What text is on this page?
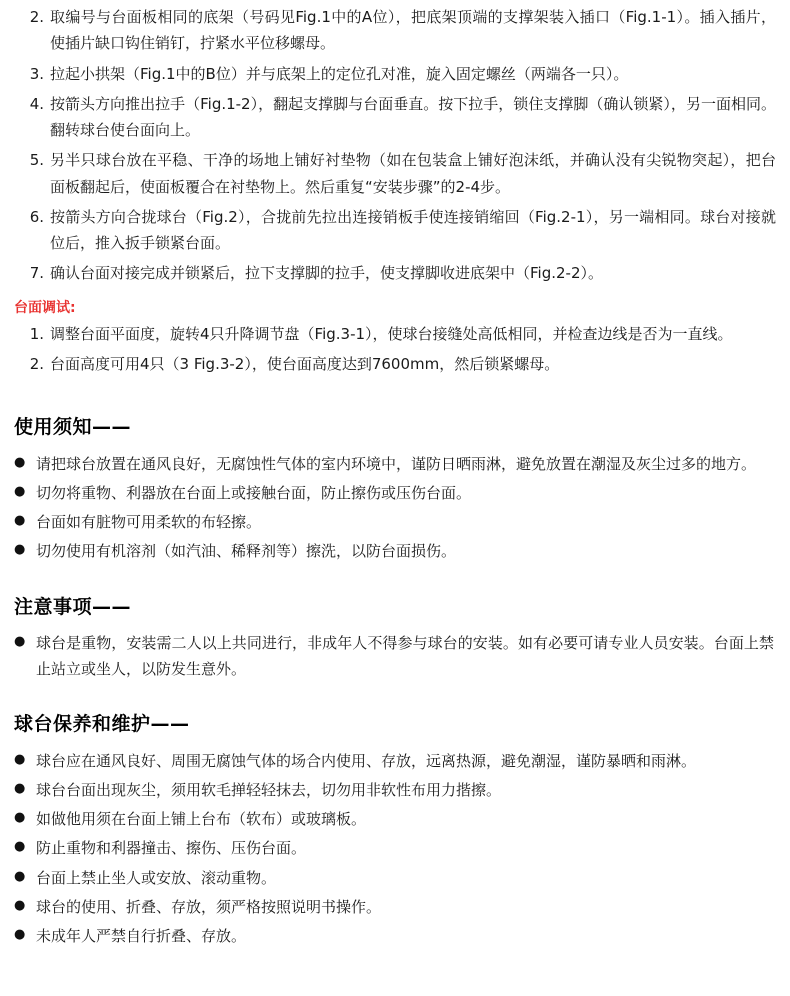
2. 取编号与台面板相同的底架（号码见Fig.1中的A位），把底架顶端的支撑架装入插口（Fig.1-1）。插入插片，使插片缺口钩住销钉，拧紧水平位移螺母。
3. 拉起小拱架（Fig.1中的B位）并与底架上的定位孔对准，旋入固定螺丝（两端各一只）。
4. 按箭头方向推出拉手（Fig.1-2），翻起支撑脚与台面垂直。按下拉手，锁住支撑脚（确认锁紧），另一面相同。翻转球台使台面向上。
5. 另半只球台放在平稳、干净的场地上铺好衬垫物（如在包装盒上铺好泡沫纸，并确认没有尖锐物突起），把台面板翻起后，使面板覆合在衬垫物上。然后重复“安装步骤”的2-4步。
6. 按箭头方向合拢球台（Fig.2），合拢前先拉出连接销板手使连接销缩回（Fig.2-1），另一端相同。球台对接就位后，推入扳手锁紧台面。
7. 确认台面对接完成并锁紧后，拉下支撑脚的拉手，使支撑脚收进底架中（Fig.2-2）。
台面调试:
1. 调整台面平面度，旋转4只升降调节盘（Fig.3-1），使球台接缝处高低相同，并检查边线是否为一直线。
2. 台面高度可用4只（3 Fig.3-2），使台面高度达到7600mm，然后锁紧螺母。
使用须知——
● 请把球台放置在通风良好，无腐蚀性气体的室内环境中，谨防日晒雨淋，避免放置在潮湿及灰尘过多的地方。
● 切勿将重物、利器放在台面上或接触台面，防止擦伤或压伤台面。
● 台面如有脏物可用柔软的布轻擦。
● 切勿使用有机溶剂（如汽油、稀释剂等）擦洗，以防台面损伤。
注意事项——
● 球台是重物，安装需二人以上共同进行，非成年人不得参与球台的安装。如有必要可请专业人员安装。台面上禁止站立或坐人，以防发生意外。
球台保养和维护——
● 球台应在通风良好、周围无腐蚀气体的场合内使用、存放，远离热源，避免潮湿，谨防暴晒和雨淋。
● 球台台面出现灰尘，须用软毛掸轻轻抹去，切勿用非软性布用力揩擦。
● 如做他用须在台面上铺上台布（软布）或玻璃板。
● 防止重物和利器撞击、擦伤、压伤台面。
● 台面上禁止坐人或安放、滚动重物。
● 球台的使用、折叠、存放，须严格按照说明书操作。
● 未成年人严禁自行折叠、存放。
